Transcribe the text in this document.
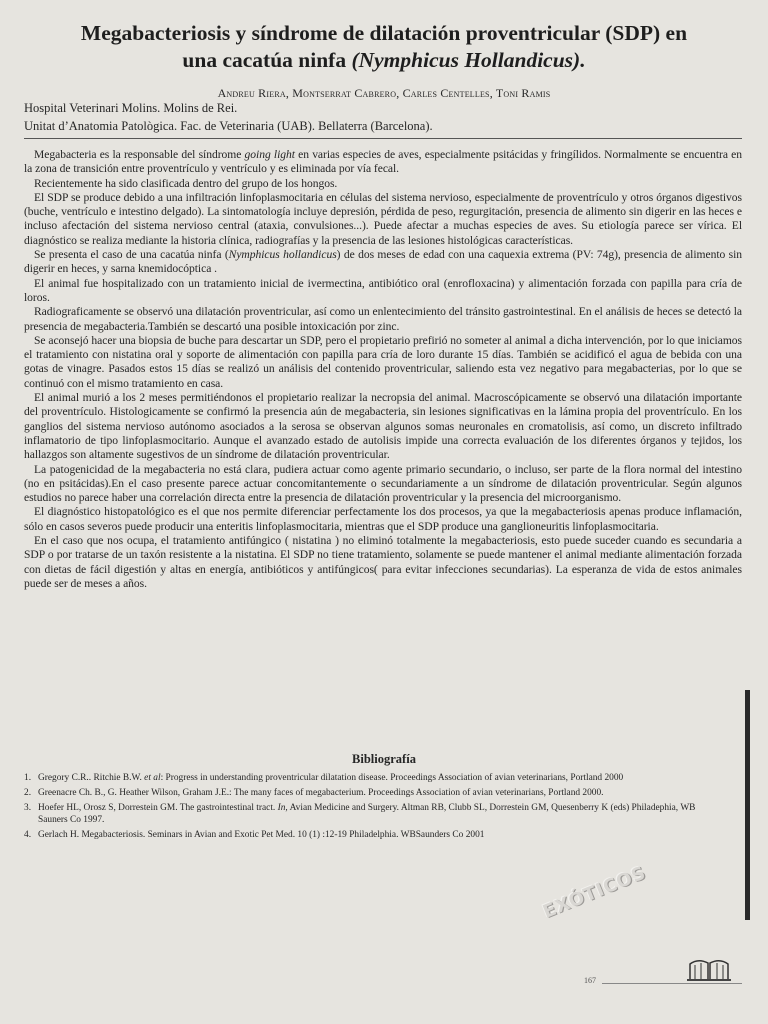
Megabacteriosis y síndrome de dilatación proventricular (SDP) en
una cacatúa ninfa (Nymphicus Hollandicus).
Andreu Riera, Montserrat Cabrero, Carles Centelles, Toni Ramis
Hospital Veterinari Molins. Molins de Rei.
Unitat d’Anatomia Patològica. Fac. de Veterinaria (UAB). Bellaterra (Barcelona).

Megabacteria es la responsable del síndrome going light en varias especies de aves, especialmente psitácidas y fringílidos. Normalmente se encuentra en la zona de transición entre proventrículo y ventrículo y es eliminada por vía fecal.

Recientemente ha sido clasificada dentro del grupo de los hongos.

El SDP se produce debido a una infiltración linfoplasmocitaria en células del sistema nervioso, especialmente de proventrículo y otros órganos digestivos (buche, ventrículo e intestino delgado). La sintomatología incluye depresión, pérdida de peso, regurgitación, presencia de alimento sin digerir en las heces e incluso afectación del sistema nervioso central (ataxia, convulsiones...). Puede afectar a muchas especies de aves. Su etiología parece ser vírica. El diagnóstico se realiza mediante la historia clínica, radiografías y la presencia de las lesiones histológicas características.

Se presenta el caso de una cacatúa ninfa (Nymphicus hollandicus) de dos meses de edad con una caquexia extrema (PV: 74g), presencia de alimento sin digerir en heces, y sarna knemidocóptica .

El animal fue hospitalizado con un tratamiento inicial de ivermectina, antibiótico oral (enrofloxacina) y alimentación forzada con papilla para cría de loros.

Radiograficamente se observó una dilatación proventricular, así como un enlentecimiento del tránsito gastrointestinal. En el análisis de heces se detectó la presencia de megabacteria.También se descartó una posible intoxicación por zinc.

Se aconsejó hacer una biopsia de buche para descartar un SDP, pero el propietario prefirió no someter al animal a dicha intervención, por lo que iniciamos el tratamiento con nistatina oral y soporte de alimentación con papilla para cría de loro durante 15 días. También se acidificó el agua de bebida con una gotas de vinagre. Pasados estos 15 días se realizó un análisis del contenido proventricular, saliendo esta vez negativo para megabacterias, por lo que se continuó con el mismo tratamiento en casa.

El animal murió a los 2 meses permitiéndonos el propietario realizar la necropsia del animal. Macroscópicamente se observó una dilatación importante del proventrículo. Histologicamente se confirmó la presencia aún de megabacteria, sin lesiones significativas en la lámina propia del proventrículo. En los ganglios del sistema nervioso autónomo asociados a la serosa se observan algunos somas neuronales en cromatolisis, así como, un discreto infiltrado inflamatorio de tipo linfoplasmocitario. Aunque el avanzado estado de autolisis impide una correcta evaluación de los diferentes órganos y tejidos, los hallazgos son altamente sugestivos de un síndrome de dilatación proventricular.

La patogenicidad de la megabacteria no está clara, pudiera actuar como agente primario secundario, o incluso, ser parte de la flora normal del intestino (no en psitácidas).En el caso presente parece actuar concomitantemente o secundariamente a un síndrome de dilatación proventricular. Según algunos estudios no parece haber una correlación directa entre la presencia de dilatación proventricular y la presencia del microorganismo.

El diagnóstico histopatológico es el que nos permite diferenciar perfectamente los dos procesos, ya que la megabacteriosis apenas produce inflamación, sólo en casos severos puede producir una enteritis linfoplasmocitaria, mientras que el SDP produce una ganglioneuritis linfoplasmocitaria.

En el caso que nos ocupa, el tratamiento antifúngico ( nistatina ) no eliminó totalmente la megabacteriosis, esto puede suceder cuando es secundaria a SDP o por tratarse de un taxón resistente a la nistatina. El SDP no tiene tratamiento, solamente se puede mantener el animal mediante alimentación forzada con dietas de fácil digestión y altas en energía, antibióticos y antifúngicos( para evitar infecciones secundarias). La esperanza de vida de estos animales puede ser de meses a años.

Bibliografía
1. Gregory C.R.. Ritchie B.W. et al: Progress in understanding proventricular dilatation disease. Proceedings Association of avian veterinarians, Portland 2000
2. Greenacre Ch. B., G. Heather Wilson, Graham J.E.: The many faces of megabacterium. Proceedings Association of avian veterinarians, Portland 2000.
3. Hoefer HL, Orosz S, Dorrestein GM. The gastrointestinal tract. In, Avian Medicine and Surgery. Altman RB, Clubb SL, Dorrestein GM, Quesenberry K (eds) Philadephia, WB Sauners Co 1997.
4. Gerlach H. Megabacteriosis. Seminars in Avian and Exotic Pet Med. 10 (1) :12-19 Philadelphia. WBSaunders Co 2001
EXÓTICOS
167
